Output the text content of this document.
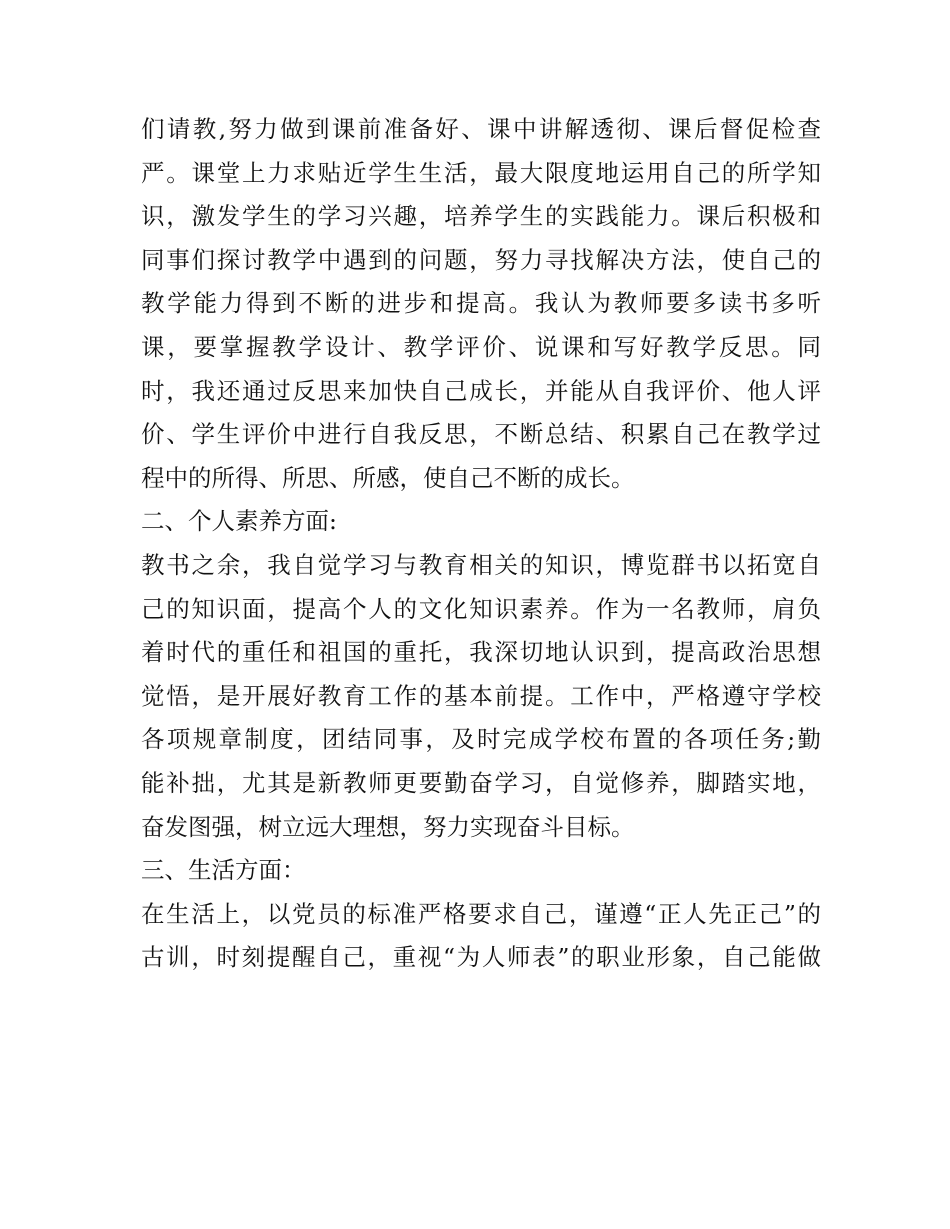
们请教,努力做到课前准备好、课中讲解透彻、课后督促检查
严。课堂上力求贴近学生生活，最大限度地运用自己的所学知
识，激发学生的学习兴趣，培养学生的实践能力。课后积极和
同事们探讨教学中遇到的问题，努力寻找解决方法，使自己的
教学能力得到不断的进步和提高。我认为教师要多读书多听
课，要掌握教学设计、教学评价、说课和写好教学反思。同
时，我还通过反思来加快自己成长，并能从自我评价、他人评
价、学生评价中进行自我反思，不断总结、积累自己在教学过
程中的所得、所思、所感，使自己不断的成长。
二、个人素养方面:
教书之余，我自觉学习与教育相关的知识，博览群书以拓宽自
己的知识面，提高个人的文化知识素养。作为一名教师，肩负
着时代的重任和祖国的重托，我深切地认识到，提高政治思想
觉悟，是开展好教育工作的基本前提。工作中，严格遵守学校
各项规章制度，团结同事，及时完成学校布置的各项任务;勤
能补拙，尤其是新教师更要勤奋学习，自觉修养，脚踏实地，
奋发图强，树立远大理想，努力实现奋斗目标。
三、生活方面：
在生活上，以党员的标准严格要求自己，谨遵“正人先正己”的
古训，时刻提醒自己，重视“为人师表”的职业形象，自己能做
